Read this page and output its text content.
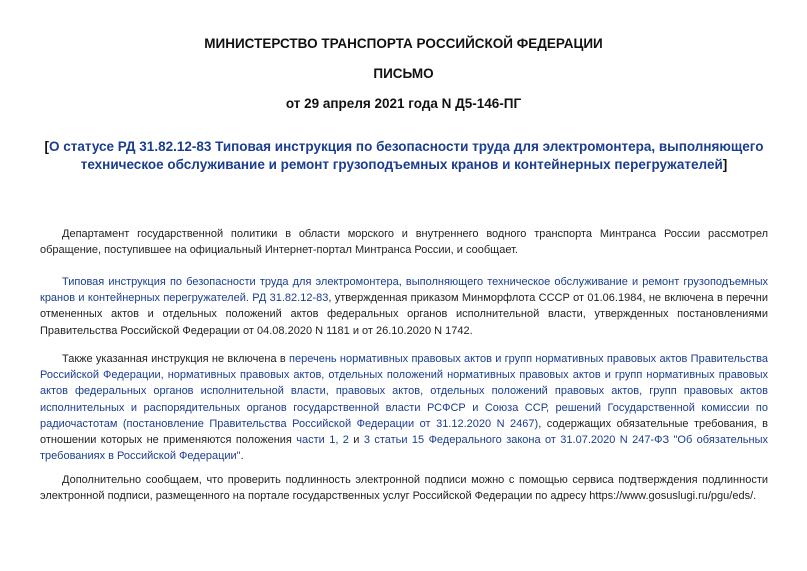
МИНИСТЕРСТВО ТРАНСПОРТА РОССИЙСКОЙ ФЕДЕРАЦИИ
ПИСЬМО
от 29 апреля 2021 года N Д5-146-ПГ
[О статусе РД 31.82.12-83 Типовая инструкция по безопасности труда для электромонтера, выполняющего техническое обслуживание и ремонт грузоподъемных кранов и контейнерных перегружателей]

Департамент государственной политики в области морского и внутреннего водного транспорта Минтранса России рассмотрел обращение, поступившее на официальный Интернет-портал Минтранса России, и сообщает.

Типовая инструкция по безопасности труда для электромонтера, выполняющего техническое обслуживание и ремонт грузоподъемных кранов и контейнерных перегружателей. РД 31.82.12-83, утвержденная приказом Минморфлота СССР от 01.06.1984, не включена в перечни отмененных актов и отдельных положений актов федеральных органов исполнительной власти, утвержденных постановлениями Правительства Российской Федерации от 04.08.2020 N 1181 и от 26.10.2020 N 1742.

Также указанная инструкция не включена в перечень нормативных правовых актов и групп нормативных правовых актов Правительства Российской Федерации, нормативных правовых актов, отдельных положений нормативных правовых актов и групп нормативных правовых актов федеральных органов исполнительной власти, правовых актов, отдельных положений правовых актов, групп правовых актов исполнительных и распорядительных органов государственной власти РСФСР и Союза ССР, решений Государственной комиссии по радиочастотам (постановление Правительства Российской Федерации от 31.12.2020 N 2467), содержащих обязательные требования, в отношении которых не применяются положения части 1, 2 и 3 статьи 15 Федерального закона от 31.07.2020 N 247-ФЗ "Об обязательных требованиях в Российской Федерации".

Дополнительно сообщаем, что проверить подлинность электронной подписи можно с помощью сервиса подтверждения подлинности электронной подписи, размещенного на портале государственных услуг Российской Федерации по адресу https://www.gosuslugi.ru/pgu/eds/.
